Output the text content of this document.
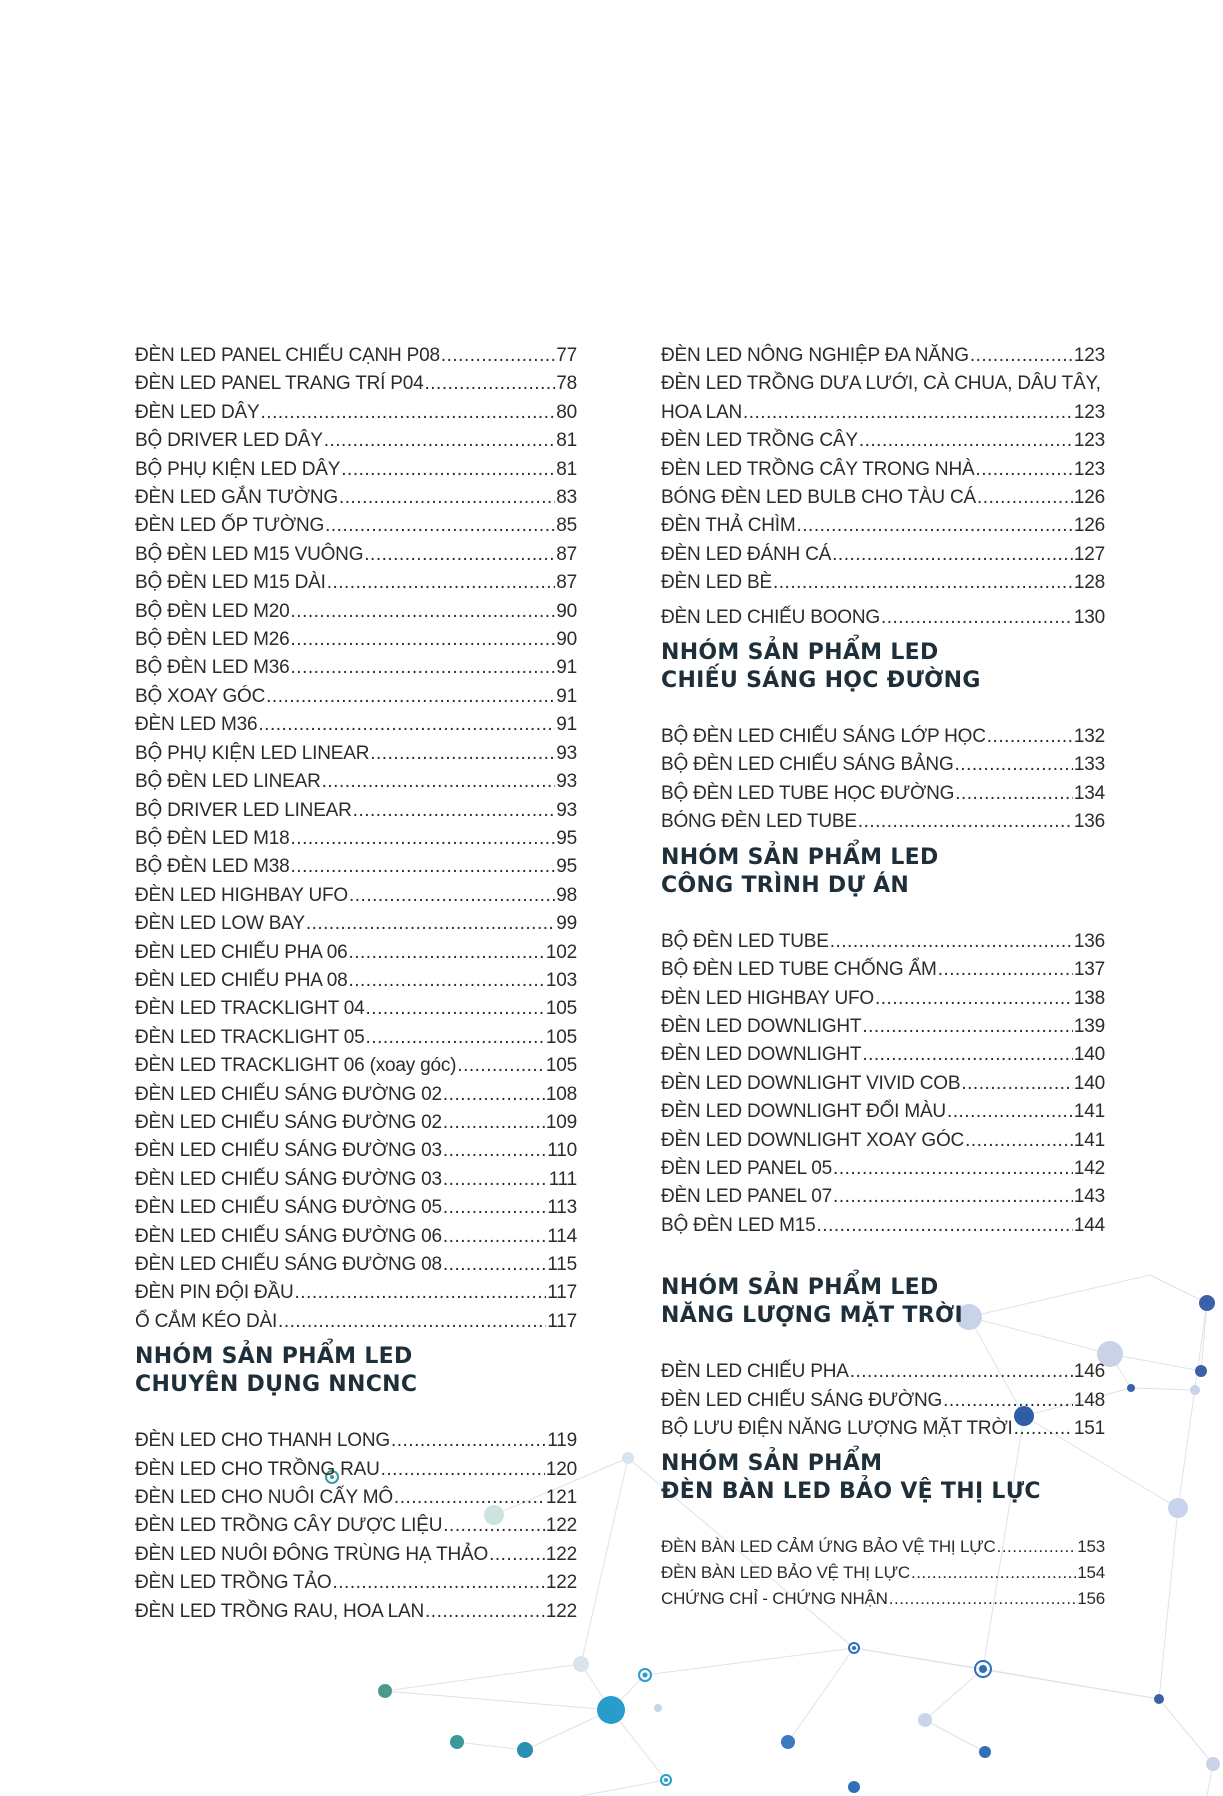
ĐÈN LED PANEL CHIẾU CẠNH P08 .....	77
ĐÈN LED PANEL TRANG TRÍ P04 .....	78
ĐÈN LED DÂY .....	80
BỘ DRIVER LED DÂY .....	81
BỘ PHỤ KIỆN LED DÂY .....	81
ĐÈN LED GẮN TƯỜNG .....	83
ĐÈN LED ỐP TƯỜNG .....	85
BỘ ĐÈN LED M15 VUÔNG .....	87
BỘ ĐÈN LED M15 DÀI .....	87
BỘ ĐÈN LED M20 .....	90
BỘ ĐÈN LED M26 .....	90
BỘ ĐÈN LED M36 .....	91
BỘ XOAY GÓC .....	91
ĐÈN LED M36 .....	91
BỘ PHỤ KIỆN LED LINEAR .....	93
BỘ ĐÈN LED LINEAR .....	93
BỘ DRIVER LED LINEAR .....	93
BỘ ĐÈN LED M18 .....	95
BỘ ĐÈN LED M38 .....	95
ĐÈN LED HIGHBAY UFO .....	98
ĐÈN LED LOW BAY .....	99
ĐÈN LED CHIẾU PHA 06 .....	102
ĐÈN LED CHIẾU PHA 08 .....	103
ĐÈN LED TRACKLIGHT 04 .....	105
ĐÈN LED TRACKLIGHT 05 .....	105
ĐÈN LED TRACKLIGHT 06 (xoay góc) .....	105
ĐÈN LED CHIẾU SÁNG ĐƯỜNG 02 .....	108
ĐÈN LED CHIẾU SÁNG ĐƯỜNG 02 .....	109
ĐÈN LED CHIẾU SÁNG ĐƯỜNG 03 .....	110
ĐÈN LED CHIẾU SÁNG ĐƯỜNG 03 .....	111
ĐÈN LED CHIẾU SÁNG ĐƯỜNG 05 .....	113
ĐÈN LED CHIẾU SÁNG ĐƯỜNG 06 .....	114
ĐÈN LED CHIẾU SÁNG ĐƯỜNG 08 .....	115
ĐÈN PIN ĐỘI ĐẦU .....	117
Ổ CẮM KÉO DÀI .....	117
NHÓM SẢN PHẨM LED
CHUYÊN DỤNG NNCNC
ĐÈN LED CHO THANH LONG .....	119
ĐÈN LED CHO TRỒNG RAU .....	120
ĐÈN LED CHO NUÔI CẤY MÔ .....	121
ĐÈN LED TRỒNG CÂY DƯỢC LIỆU .....	122
ĐÈN LED NUÔI ĐÔNG TRÙNG HẠ THẢO .....	122
ĐÈN LED TRỒNG TẢO .....	122
ĐÈN LED TRỒNG RAU, HOA LAN .....	122
ĐÈN LED NÔNG NGHIỆP ĐA NĂNG .....	123
ĐÈN LED TRỒNG DƯA LƯỚI, CÀ CHUA, DÂU TÂY,
HOA LAN .....	123
ĐÈN LED TRỒNG CÂY .....	123
ĐÈN LED TRỒNG CÂY TRONG NHÀ .....	123
BÓNG ĐÈN LED BULB CHO TÀU CÁ .....	126
ĐÈN THẢ CHÌM .....	126
ĐÈN LED ĐÁNH CÁ .....	127
ĐÈN LED BÈ .....	128
ĐÈN LED CHIẾU BOONG .....	130
NHÓM SẢN PHẨM LED
CHIẾU SÁNG HỌC ĐƯỜNG
BỘ ĐÈN LED CHIẾU SÁNG LỚP HỌC .....	132
BỘ ĐÈN LED CHIẾU SÁNG BẢNG .....	133
BỘ ĐÈN LED TUBE HỌC ĐƯỜNG .....	134
BÓNG ĐÈN LED TUBE .....	136
NHÓM SẢN PHẨM LED
CÔNG TRÌNH DỰ ÁN
BỘ ĐÈN LED TUBE .....	136
BỘ ĐÈN LED TUBE CHỐNG ẨM .....	137
ĐÈN LED HIGHBAY UFO .....	138
ĐÈN LED DOWNLIGHT .....	139
ĐÈN LED DOWNLIGHT .....	140
ĐÈN LED DOWNLIGHT VIVID COB .....	140
ĐÈN LED DOWNLIGHT ĐỔI MÀU .....	141
ĐÈN LED DOWNLIGHT XOAY GÓC .....	141
ĐÈN LED PANEL 05 .....	142
ĐÈN LED PANEL 07 .....	143
BỘ ĐÈN LED M15 .....	144
NHÓM SẢN PHẨM LED
NĂNG LƯỢNG MẶT TRỜI
ĐÈN LED CHIẾU PHA .....	146
ĐÈN LED CHIẾU SÁNG ĐƯỜNG .....	148
BỘ LƯU ĐIỆN NĂNG LƯỢNG MẶT TRỜI .....	151
NHÓM SẢN PHẨM
ĐÈN BÀN LED BẢO VỆ THỊ LỰC
ĐÈN BÀN LED CẢM ỨNG BẢO VỆ THỊ LỰC .....	153
ĐÈN BÀN LED BẢO VỆ THỊ LỰC .....	154
CHỨNG CHỈ - CHỨNG NHẬN .....	156
